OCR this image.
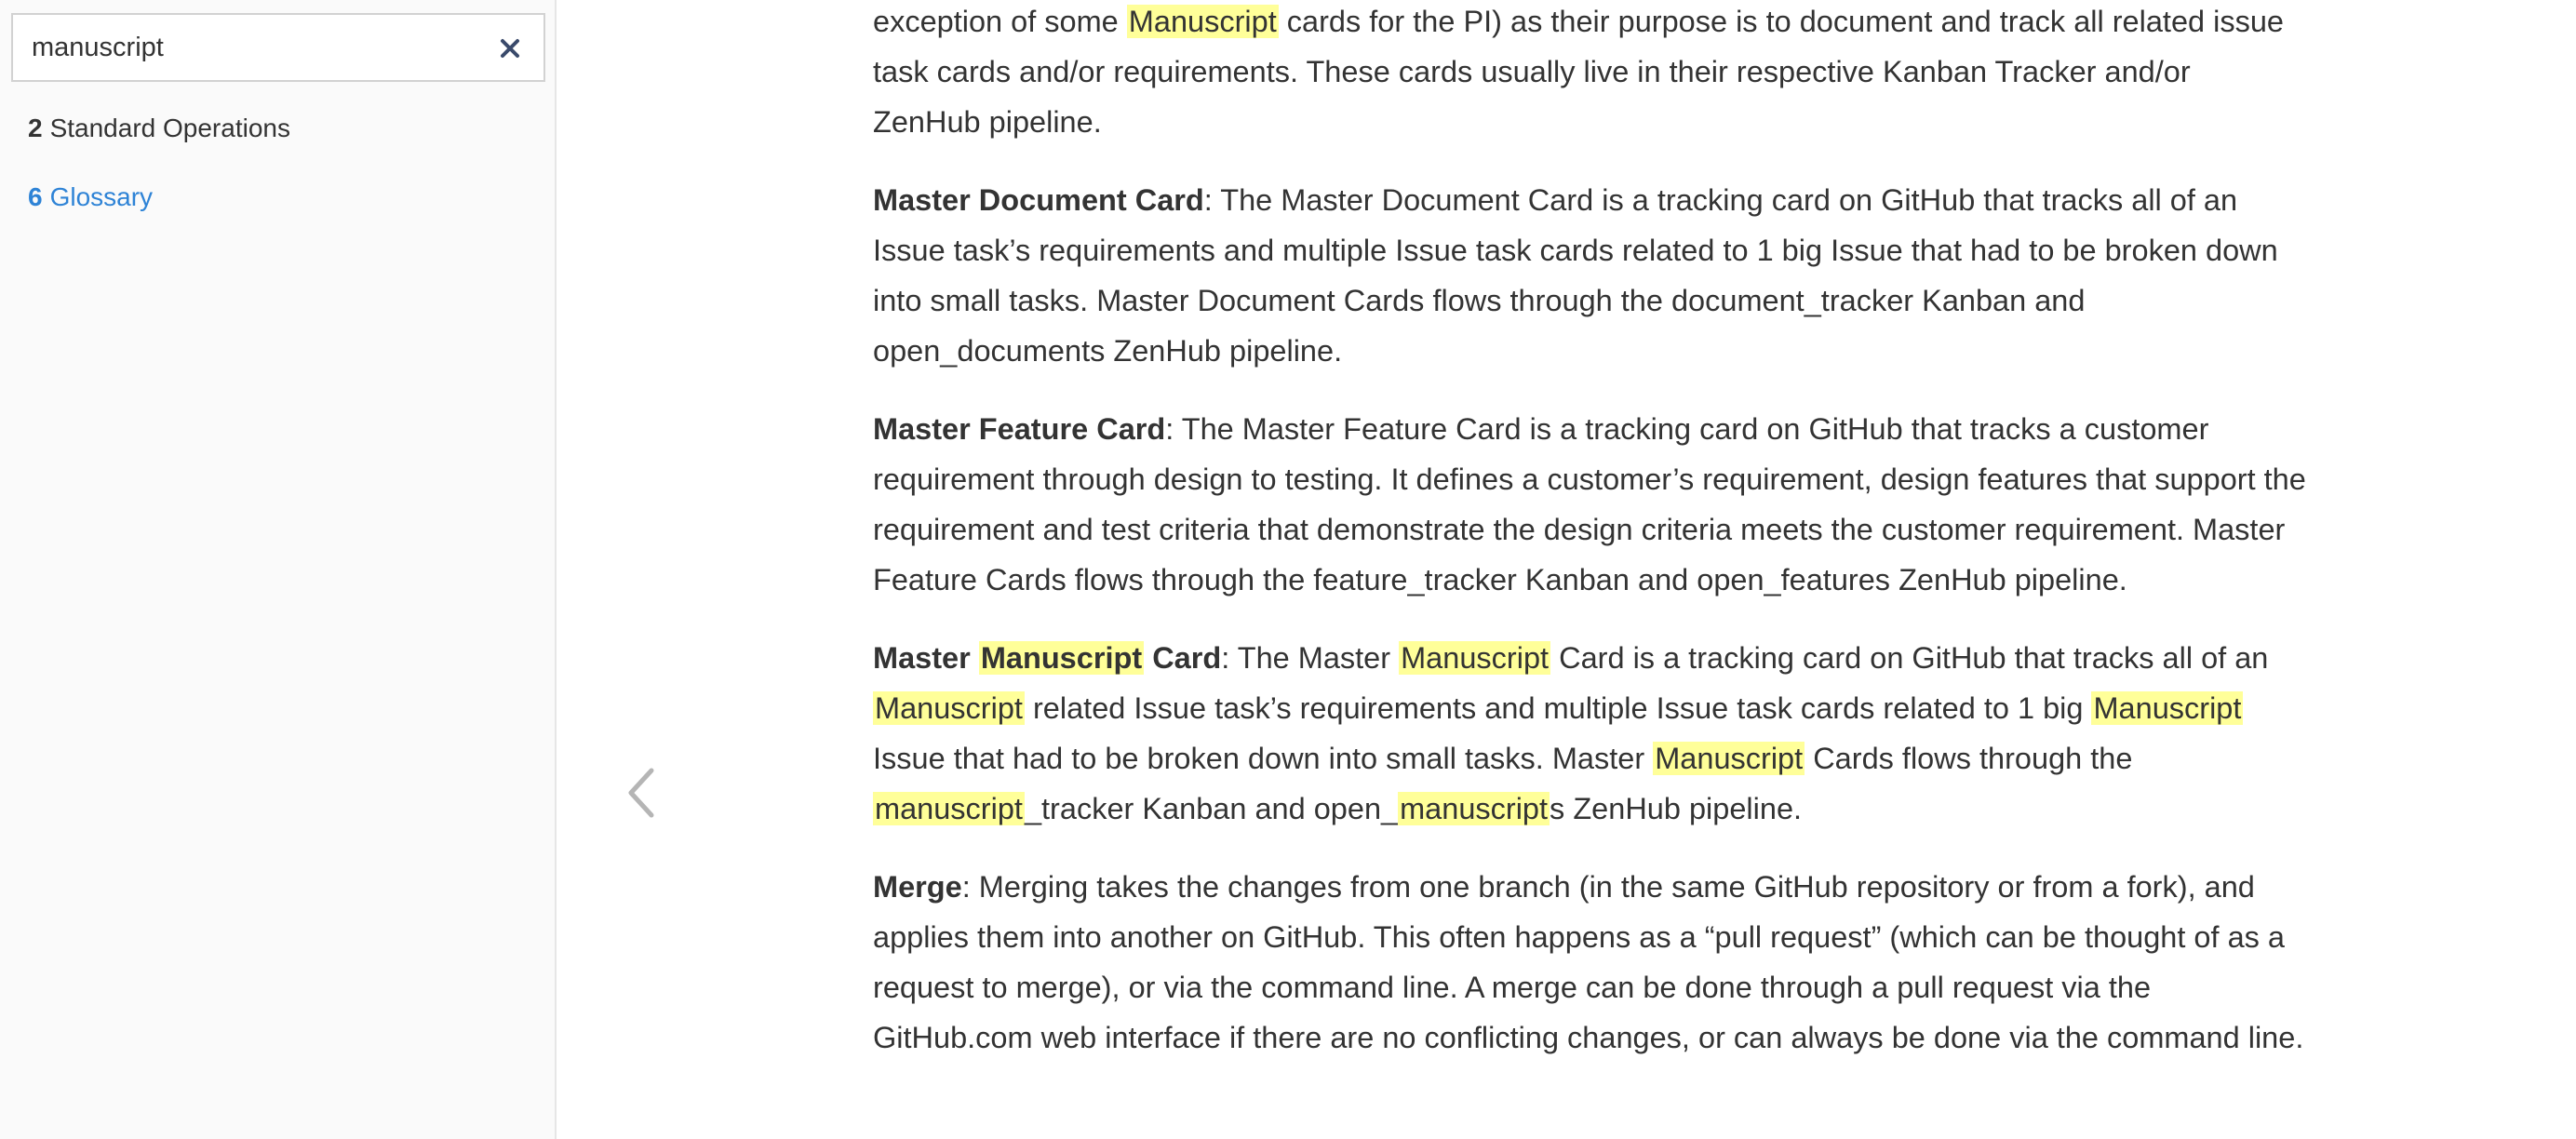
manuscript
2 Standard Operations
6 Glossary

exception of some Manuscript cards for the PI) as their purpose is to document and track all related issue task cards and/or requirements. These cards usually live in their respective Kanban Tracker and/or ZenHub pipeline.

Master Document Card: The Master Document Card is a tracking card on GitHub that tracks all of an Issue task’s requirements and multiple Issue task cards related to 1 big Issue that had to be broken down into small tasks. Master Document Cards flows through the document_tracker Kanban and open_documents ZenHub pipeline.

Master Feature Card: The Master Feature Card is a tracking card on GitHub that tracks a customer requirement through design to testing. It defines a customer’s requirement, design features that support the requirement and test criteria that demonstrate the design criteria meets the customer requirement. Master Feature Cards flows through the feature_tracker Kanban and open_features ZenHub pipeline.

Master Manuscript Card: The Master Manuscript Card is a tracking card on GitHub that tracks all of an Manuscript related Issue task’s requirements and multiple Issue task cards related to 1 big Manuscript Issue that had to be broken down into small tasks. Master Manuscript Cards flows through the manuscript_tracker Kanban and open_manuscripts ZenHub pipeline.

Merge: Merging takes the changes from one branch (in the same GitHub repository or from a fork), and applies them into another on GitHub. This often happens as a “pull request” (which can be thought of as a request to merge), or via the command line. A merge can be done through a pull request via the GitHub.com web interface if there are no conflicting changes, or can always be done via the command line.
